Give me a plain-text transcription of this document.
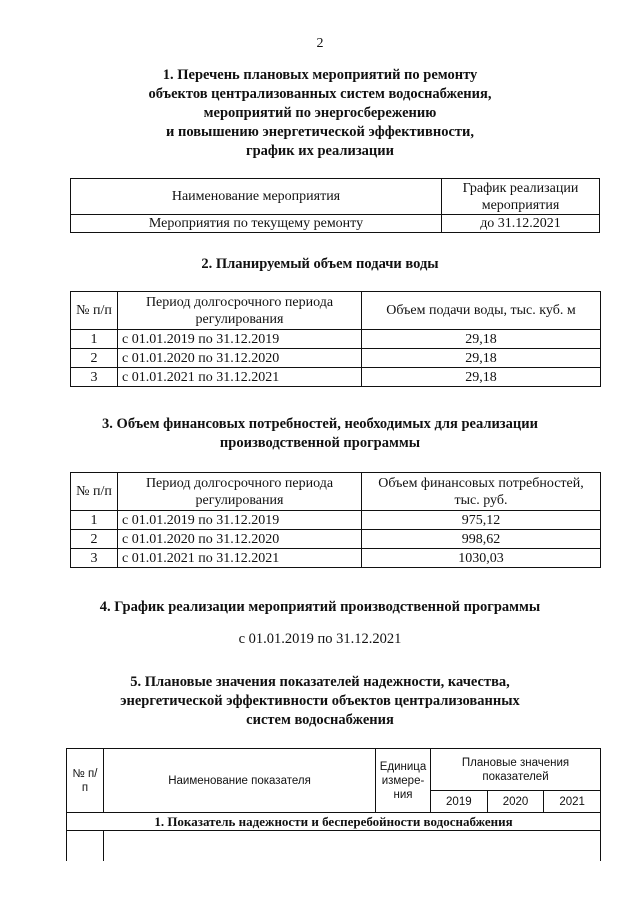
2
1. Перечень плановых мероприятий по ремонту
объектов централизованных систем водоснабжения,
мероприятий по энергосбережению
и повышению энергетической эффективности,
график их реализации
Наименование мероприятия	График реализации мероприятия
Мероприятия по текущему ремонту	до 31.12.2021
2. Планируемый объем подачи воды
№ п/п	Период долгосрочного периода регулирования	Объем подачи воды, тыс. куб. м
1	с 01.01.2019 по 31.12.2019	29,18
2	с 01.01.2020 по 31.12.2020	29,18
3	с 01.01.2021 по 31.12.2021	29,18
3. Объем финансовых потребностей, необходимых для реализации
производственной программы
№ п/п	Период долгосрочного периода регулирования	Объем финансовых потребностей, тыс. руб.
1	с 01.01.2019 по 31.12.2019	975,12
2	с 01.01.2020 по 31.12.2020	998,62
3	с 01.01.2021 по 31.12.2021	1030,03
4. График реализации мероприятий производственной программы
с 01.01.2019 по 31.12.2021
5. Плановые значения показателей надежности, качества,
энергетической эффективности объектов централизованных
систем водоснабжения
№ п/п	Наименование показателя	Единица измере- ния	Плановые значения показателей		
			2019	2020	2021
1. Показатель надежности и бесперебойности водоснабжения					
